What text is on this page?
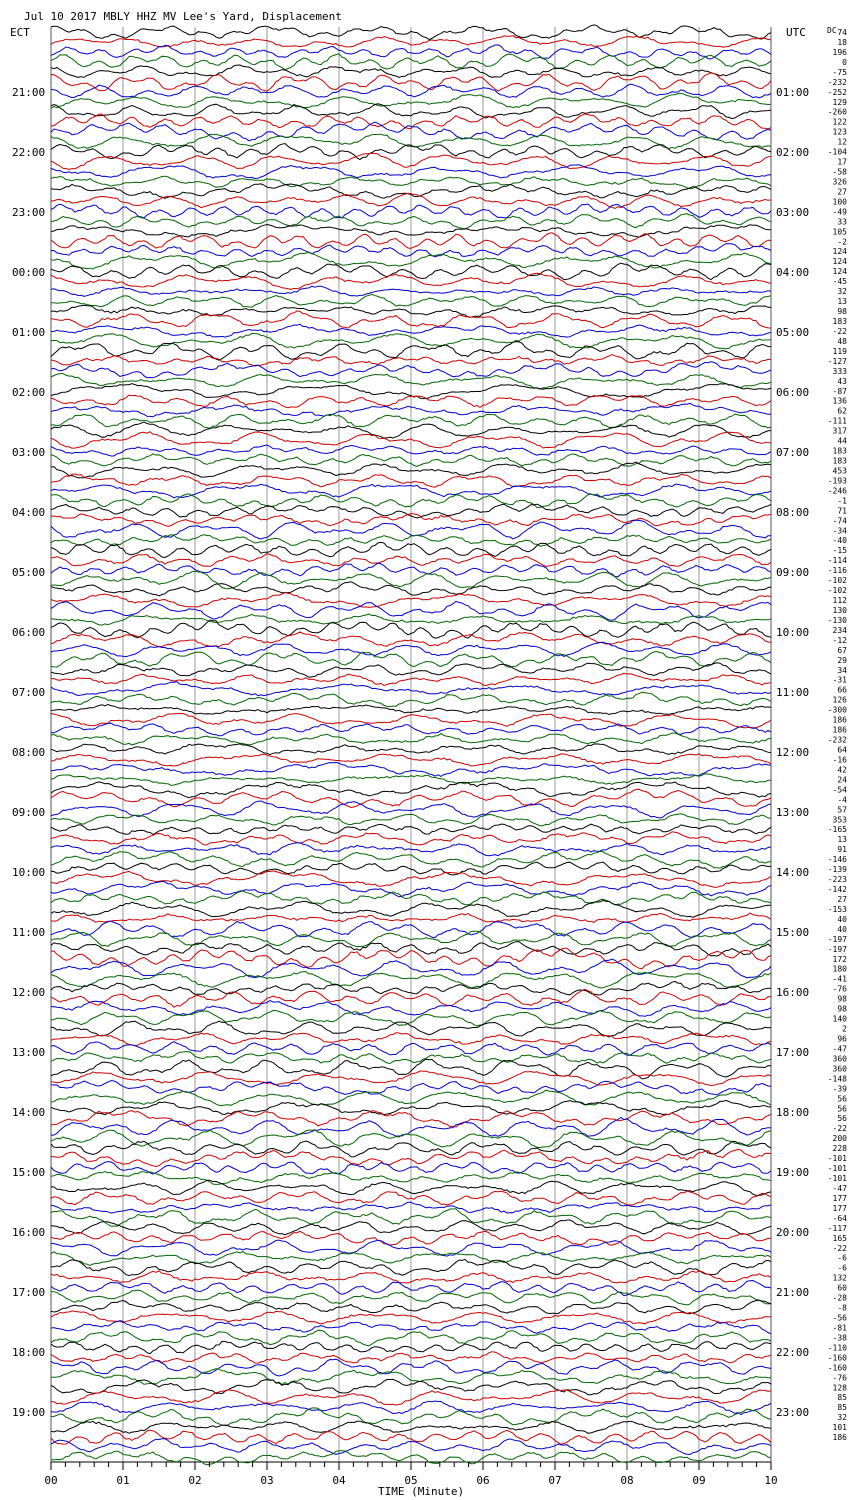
Jul 10 2017 MBLY HHZ MV Lee's Yard, Displacement
ECT	UTC	DC
21:00
22:00
23:00
00:00
01:00
02:00
03:00
04:00
05:00
06:00
07:00
08:00
09:00
10:00
11:00
12:00
13:00
14:00
15:00
16:00
17:00
18:00
19:00
01:00
02:00
03:00
04:00
05:00
06:00
07:00
08:00
09:00
10:00
11:00
12:00
13:00
14:00
15:00
16:00
17:00
18:00
19:00
20:00
21:00
22:00
23:00
74
18
196
0
-75
-232
-252
129
-260
122
123
12
-104
17
-58
326
27
100
-49
33
105
-2
124
124
124
-45
32
13
98
183
-22
48
119
-127
333
43
-87
136
62
-111
317
44
183
183
453
-193
-246
-1
71
-74
-34
-40
-15
-114
-116
-102
-102
112
130
-130
234
-12
67
29
34
-31
66
126
-300
186
186
-232
64
-16
42
24
-54
-4
57
353
-165
13
91
-146
-139
-223
-142
27
-153
40
40
-197
-197
172
180
-41
-76
98
98
140
2
96
-47
360
360
-148
-39
56
56
56
-22
200
228
-101
-101
-101
-47
177
177
-64
-117
165
-22
-6
-6
132
60
-28
-8
-56
-81
-38
-110
-160
-160
-76
128
85
85
32
101
186
00	01	02	03	04	05	06	07	08	09	10
TIME (Minute)
